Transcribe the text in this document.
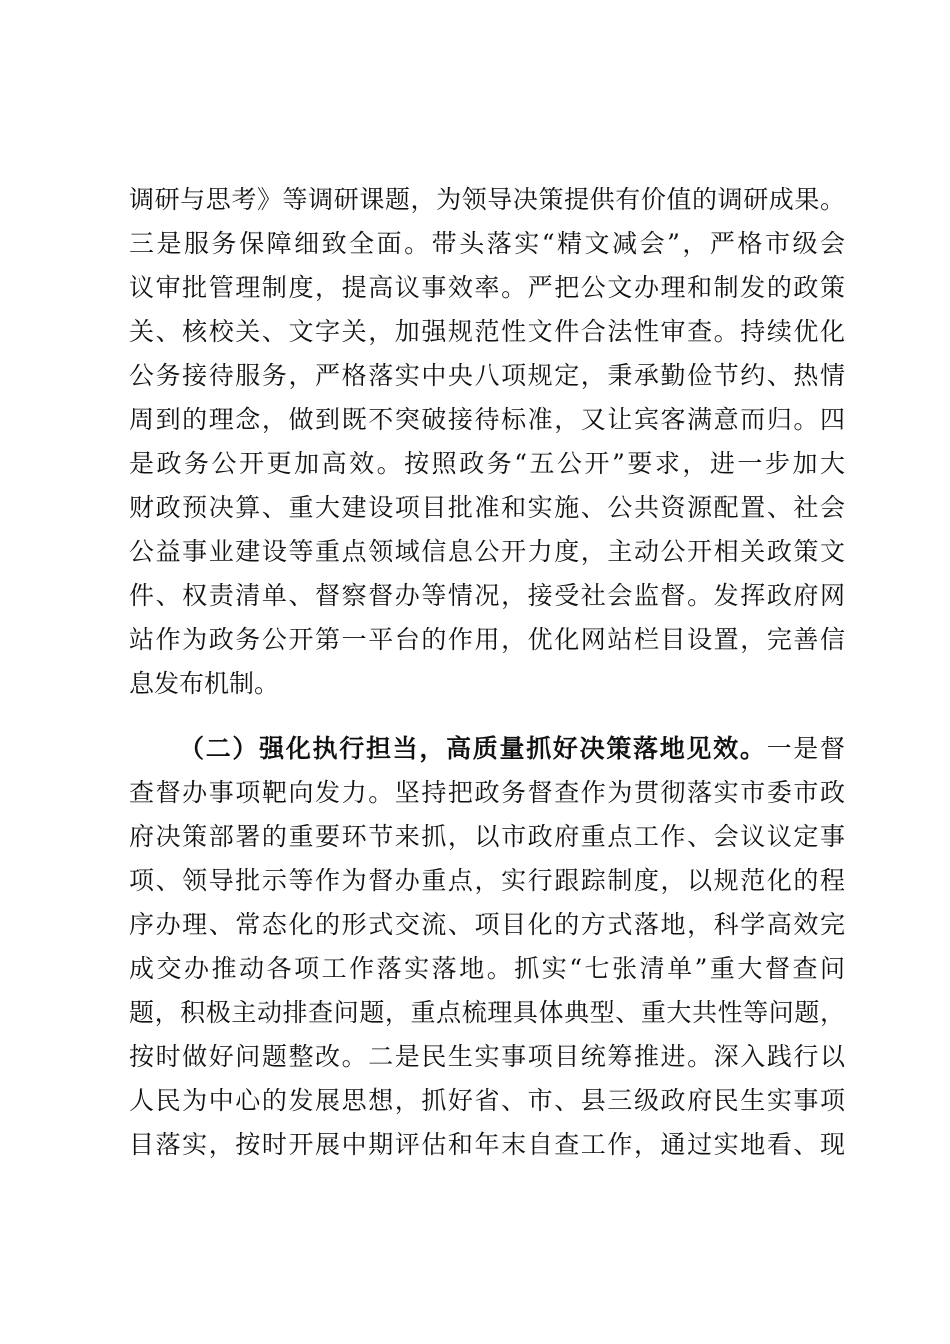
调研与思考》等调研课题，为领导决策提供有价值的调研成果。
三是服务保障细致全面。带头落实“精文减会”，严格市级会
议审批管理制度，提高议事效率。严把公文办理和制发的政策
关、核校关、文字关，加强规范性文件合法性审查。持续优化
公务接待服务，严格落实中央八项规定，秉承勤俭节约、热情
周到的理念，做到既不突破接待标准，又让宾客满意而归。四
是政务公开更加高效。按照政务“五公开”要求，进一步加大
财政预决算、重大建设项目批准和实施、公共资源配置、社会
公益事业建设等重点领域信息公开力度，主动公开相关政策文
件、权责清单、督察督办等情况，接受社会监督。发挥政府网
站作为政务公开第一平台的作用，优化网站栏目设置，完善信
息发布机制。
（二）强化执行担当，高质量抓好决策落地见效。一是督
查督办事项靶向发力。坚持把政务督查作为贯彻落实市委市政
府决策部署的重要环节来抓，以市政府重点工作、会议议定事
项、领导批示等作为督办重点，实行跟踪制度，以规范化的程
序办理、常态化的形式交流、项目化的方式落地，科学高效完
成交办推动各项工作落实落地。抓实“七张清单”重大督查问
题，积极主动排查问题，重点梳理具体典型、重大共性等问题，
按时做好问题整改。二是民生实事项目统筹推进。深入践行以
人民为中心的发展思想，抓好省、市、县三级政府民生实事项
目落实，按时开展中期评估和年末自查工作，通过实地看、现
